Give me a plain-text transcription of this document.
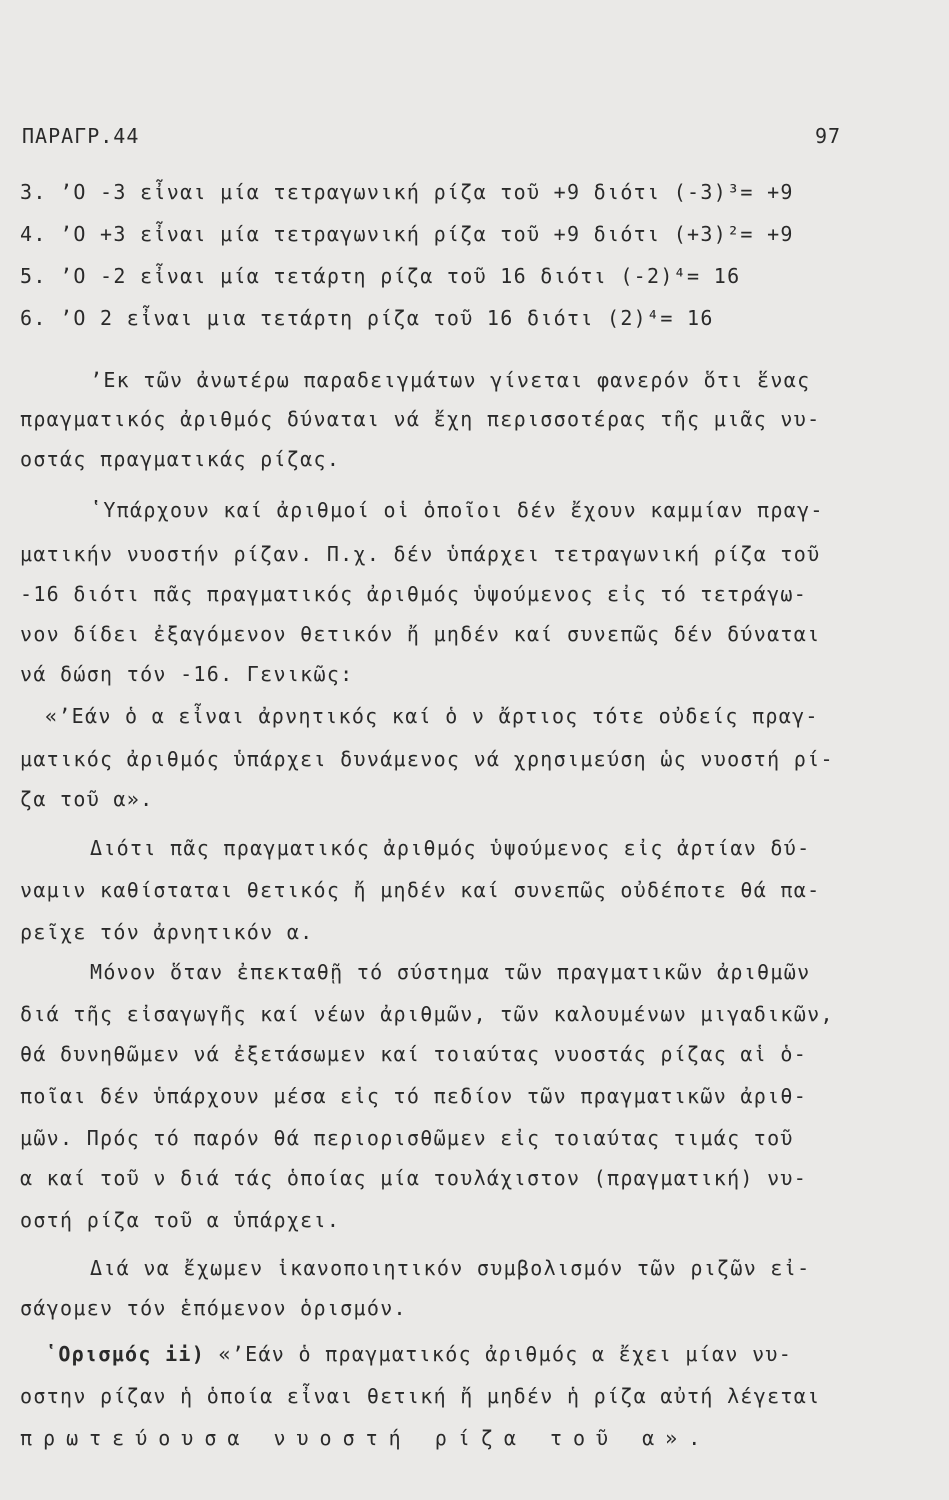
ΠΑΡΑΓΡ.44	97
3. ʼO -3 εἶναι μία τετραγωνική ρίζα τοῦ +9 διότι (-3)³= +9
4. ʼO +3 εἶναι μία τετραγωνική ρίζα τοῦ +9 διότι (+3)²= +9
5. ʼO -2 εἶναι μία τετάρτη ρίζα τοῦ 16 διότι (-2)⁴= 16
6. ʼO 2 εἶναι μια τετάρτη ρίζα τοῦ 16 διότι (2)⁴= 16
ʼΕκ τῶν ἀνωτέρω παραδειγμάτων γίνεται φανερόν ὅτι ἕνας
πραγματικός ἀριθμός δύναται νά ἔχη περισσοτέρας τῆς μιᾶς νυ-
οστάς πραγματικάς ρίζας.
ʽΥπάρχουν καί ἀριθμοί οἱ ὁποῖοι δέν ἔχουν καμμίαν πραγ-
ματικήν νυοστήν ρίζαν. Π.χ. δέν ὑπάρχει τετραγωνική ρίζα τοῦ
-16 διότι πᾶς πραγματικός ἀριθμός ὑψούμενος εἰς τό τετράγω-
νον δίδει ἐξαγόμενον θετικόν ἤ μηδέν καί συνεπῶς δέν δύναται
νά δώση τόν -16. Γενικῶς:
«ʼΕάν ὁ α εἶναι ἀρνητικός καί ὁ ν ἄρτιος τότε οὐδείς πραγ-
ματικός ἀριθμός ὑπάρχει δυνάμενος νά χρησιμεύση ὡς νυοστή ρί-
ζα τοῦ α».
Διότι πᾶς πραγματικός ἀριθμός ὑψούμενος εἰς ἀρτίαν δύ-
ναμιν καθίσταται θετικός ἤ μηδέν καί συνεπῶς οὐδέποτε θά πα-
ρεῖχε τόν ἀρνητικόν α.
Μόνον ὅταν ἐπεκταθῇ τό σύστημα τῶν πραγματικῶν ἀριθμῶν
διά τῆς εἰσαγωγῆς καί νέων ἀριθμῶν, τῶν καλουμένων μιγαδικῶν,
θά δυνηθῶμεν νά ἐξετάσωμεν καί τοιαύτας νυοστάς ρίζας αἱ ὁ-
ποῖαι δέν ὑπάρχουν μέσα εἰς τό πεδίον τῶν πραγματικῶν ἀριθ-
μῶν. Πρός τό παρόν θά περιορισθῶμεν εἰς τοιαύτας τιμάς τοῦ
α καί τοῦ ν διά τάς ὁποίας μία τουλάχιστον (πραγματική) νυ-
οστή ρίζα τοῦ α ὑπάρχει.
Διά να ἔχωμεν ἱκανοποιητικόν συμβολισμόν τῶν ριζῶν εἰ-
σάγομεν τόν ἑπόμενον ὁρισμόν.
ʽΟρισμός ii) «ʼΕάν ὁ πραγματικός ἀριθμός α ἔχει μίαν νυ-
οστην ρίζαν ἡ ὁποία εἶναι θετική ἤ μηδέν ἡ ρίζα αὐτή λέγεται
πρωτεύουσα νυοστή ρίζα τοῦ α».
